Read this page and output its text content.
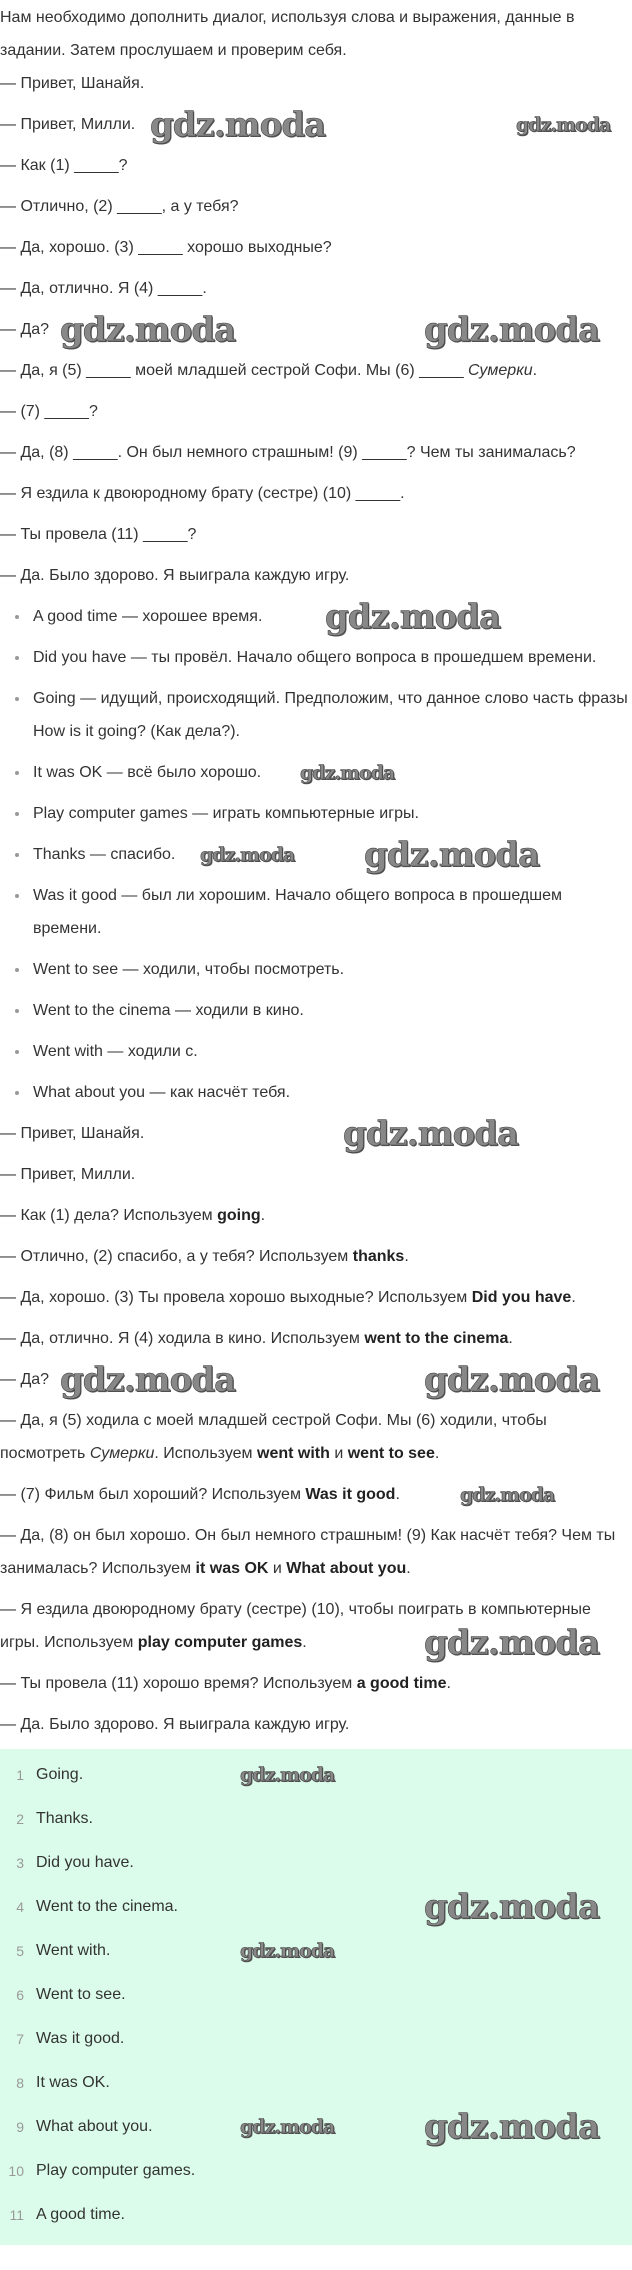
Нам необходимо дополнить диалог, используя слова и выражения, данные в задании. Затем прослушаем и проверим себя.

— Привет, Шанайя.

— Привет, Милли. gdz.moda	gdz.moda

— Как (1) _____?

— Отлично, (2) _____, а у тебя?

— Да, хорошо. (3) _____ хорошо выходные?

— Да, отлично. Я (4) _____.

— Да? gdz.moda	gdz.moda

— Да, я (5) _____ моей младшей сестрой Софи. Мы (6) _____ Сумерки.

— (7) _____?

— Да, (8) _____. Он был немного страшным! (9) _____? Чем ты занималась?

— Я ездила к двоюродному брату (сестре) (10) _____.

— Ты провела (11) _____?

— Да. Было здорово. Я выиграла каждую игру.

A good time — хорошее время. gdz.moda
Did you have — ты провёл. Начало общего вопроса в прошедшем времени.
Going — идущий, происходящий. Предположим, что данное слово часть фразы How is it going? (Как дела?).
It was OK — всё было хорошо. gdz.moda
Play computer games — играть компьютерные игры.
Thanks — спасибо. gdz.moda gdz.moda
Was it good — был ли хорошим. Начало общего вопроса в прошедшем времени.
Went to see — ходили, чтобы посмотреть.
Went to the cinema — ходили в кино.
Went with — ходили с.
What about you — как насчёт тебя.

— Привет, Шанайя.	gdz.moda

— Привет, Милли.

— Как (1) дела? Используем going.

— Отлично, (2) спасибо, а у тебя? Используем thanks.

— Да, хорошо. (3) Ты провела хорошо выходные? Используем Did you have.

— Да, отлично. Я (4) ходила в кино. Используем went to the cinema.

— Да? gdz.moda	gdz.moda

— Да, я (5) ходила с моей младшей сестрой Софи. Мы (6) ходили, чтобы посмотреть Сумерки. Используем went with и went to see.

— (7) Фильм был хороший? Используем Was it good.	gdz.moda

— Да, (8) он был хорошо. Он был немного страшным! (9) Как насчёт тебя? Чем ты занималась? Используем it was OK и What about you.

— Я ездила двоюродному брату (сестре) (10), чтобы поиграть в компьютерные игры. Используем play computer games.	gdz.moda

— Ты провела (11) хорошо время? Используем a good time.

— Да. Было здорово. Я выиграла каждую игру.

1 Going.	gdz.moda
2 Thanks.
3 Did you have.
4 Went to the cinema.	gdz.moda
5 Went with.	gdz.moda
6 Went to see.
7 Was it good.
8 It was OK.
9 What about you.	gdz.moda	gdz.moda
10 Play computer games.
11 A good time.
